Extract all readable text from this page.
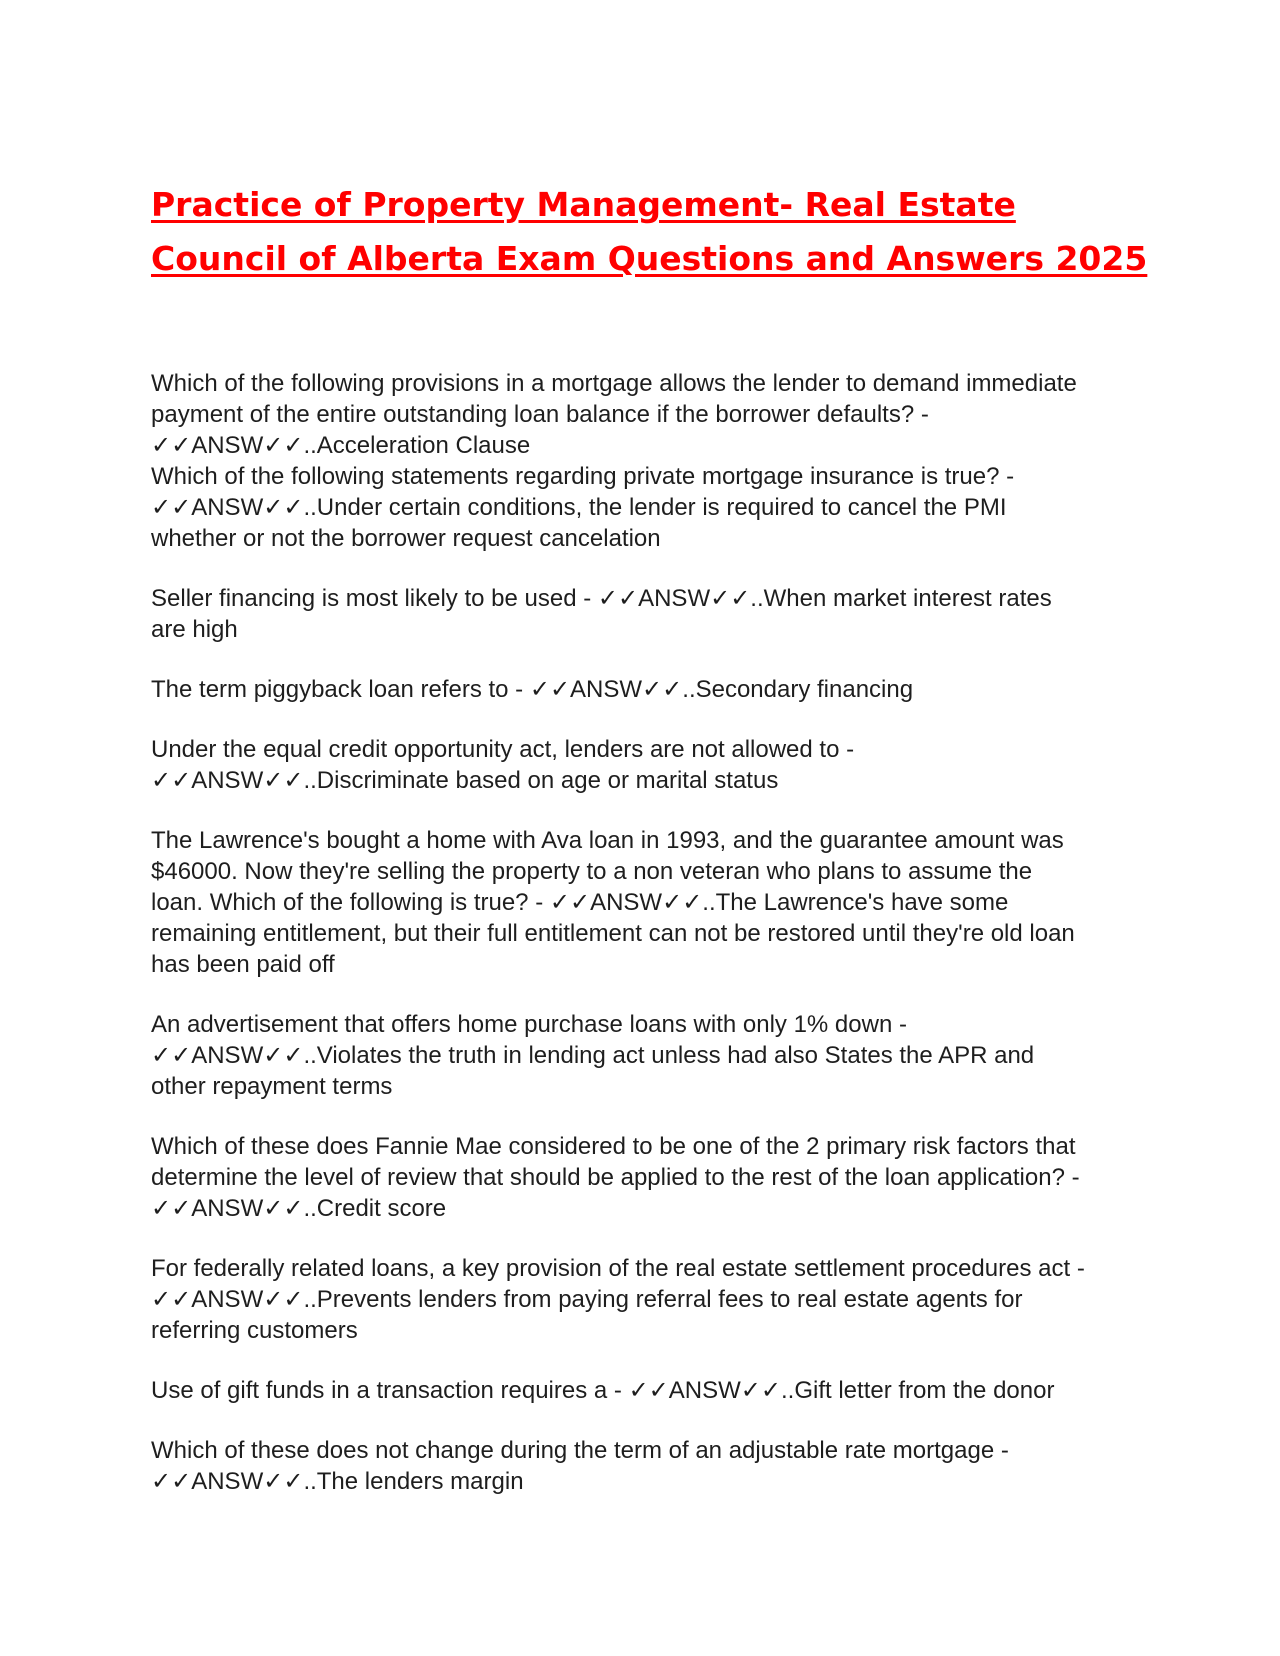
Practice of Property Management- Real Estate
Council of Alberta Exam Questions and Answers 2025

Which of the following provisions in a mortgage allows the lender to demand immediate
payment of the entire outstanding loan balance if the borrower defaults? -
✓✓ANSW✓✓..Acceleration Clause

Which of the following statements regarding private mortgage insurance is true? -
✓✓ANSW✓✓..Under certain conditions, the lender is required to cancel the PMI
whether or not the borrower request cancelation

Seller financing is most likely to be used - ✓✓ANSW✓✓..When market interest rates
are high

The term piggyback loan refers to - ✓✓ANSW✓✓..Secondary financing

Under the equal credit opportunity act, lenders are not allowed to -
✓✓ANSW✓✓..Discriminate based on age or marital status

The Lawrence's bought a home with Ava loan in 1993, and the guarantee amount was
$46000. Now they're selling the property to a non veteran who plans to assume the
loan. Which of the following is true? - ✓✓ANSW✓✓..The Lawrence's have some
remaining entitlement, but their full entitlement can not be restored until they're old loan
has been paid off

An advertisement that offers home purchase loans with only 1% down -
✓✓ANSW✓✓..Violates the truth in lending act unless had also States the APR and
other repayment terms

Which of these does Fannie Mae considered to be one of the 2 primary risk factors that
determine the level of review that should be applied to the rest of the loan application? -
✓✓ANSW✓✓..Credit score

For federally related loans, a key provision of the real estate settlement procedures act -
✓✓ANSW✓✓..Prevents lenders from paying referral fees to real estate agents for
referring customers

Use of gift funds in a transaction requires a - ✓✓ANSW✓✓..Gift letter from the donor

Which of these does not change during the term of an adjustable rate mortgage -
✓✓ANSW✓✓..The lenders margin
